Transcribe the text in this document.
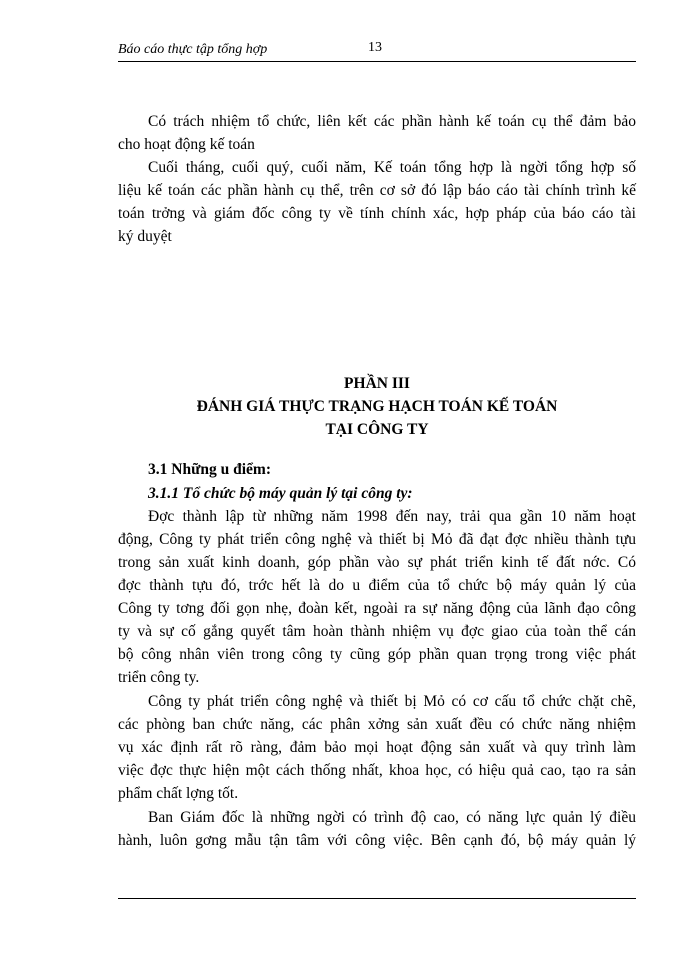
Báo cáo thực tập tổng hợp	13
Có trách nhiệm tổ chức, liên kết các phần hành kế toán cụ thể đảm bảo
cho hoạt động kế toán
Cuối tháng, cuối quý, cuối năm, Kế toán tổng hợp là ngời tổng hợp số
liệu kế toán các phần hành cụ thể, trên cơ sở đó lập báo cáo tài chính trình kế
toán trởng và giám đốc công ty về tính chính xác, hợp pháp của báo cáo tài
ký duyệt
PHẦN III
ĐÁNH GIÁ THỰC TRẠNG HẠCH TOÁN KẾ TOÁN
TẠI CÔNG TY
3.1 Những u điểm:
3.1.1 Tổ chức bộ máy quản lý tại công ty:
Đợc thành lập từ những năm 1998 đến nay, trải qua gần 10 năm hoạt
động, Công ty phát triển công nghệ và thiết bị Mỏ đã đạt đợc nhiều thành tựu
trong sản xuất kinh doanh, góp phần vào sự phát triển kinh tế đất nớc. Có
đợc thành tựu đó, trớc hết là do u điểm của tổ chức bộ máy quản lý của
Công ty tơng đối gọn nhẹ, đoàn kết, ngoài ra sự năng động của lãnh đạo công
ty và sự cố gắng quyết tâm hoàn thành nhiệm vụ đợc giao của toàn thể cán
bộ công nhân viên trong công ty cũng góp phần quan trọng trong việc phát
triển công ty.
Công ty phát triển công nghệ và thiết bị Mỏ có cơ cấu tổ chức chặt chẽ,
các phòng ban chức năng, các phân xởng sản xuất đều có chức năng nhiệm
vụ xác định rất rõ ràng, đảm bảo mọi hoạt động sản xuất và quy trình làm
việc đợc thực hiện một cách thống nhất, khoa học, có hiệu quả cao, tạo ra sản
phẩm chất lợng tốt.
Ban Giám đốc là những ngời có trình độ cao, có năng lực quản lý điều
hành, luôn gơng mẫu tận tâm với công việc. Bên cạnh đó, bộ máy quản lý
